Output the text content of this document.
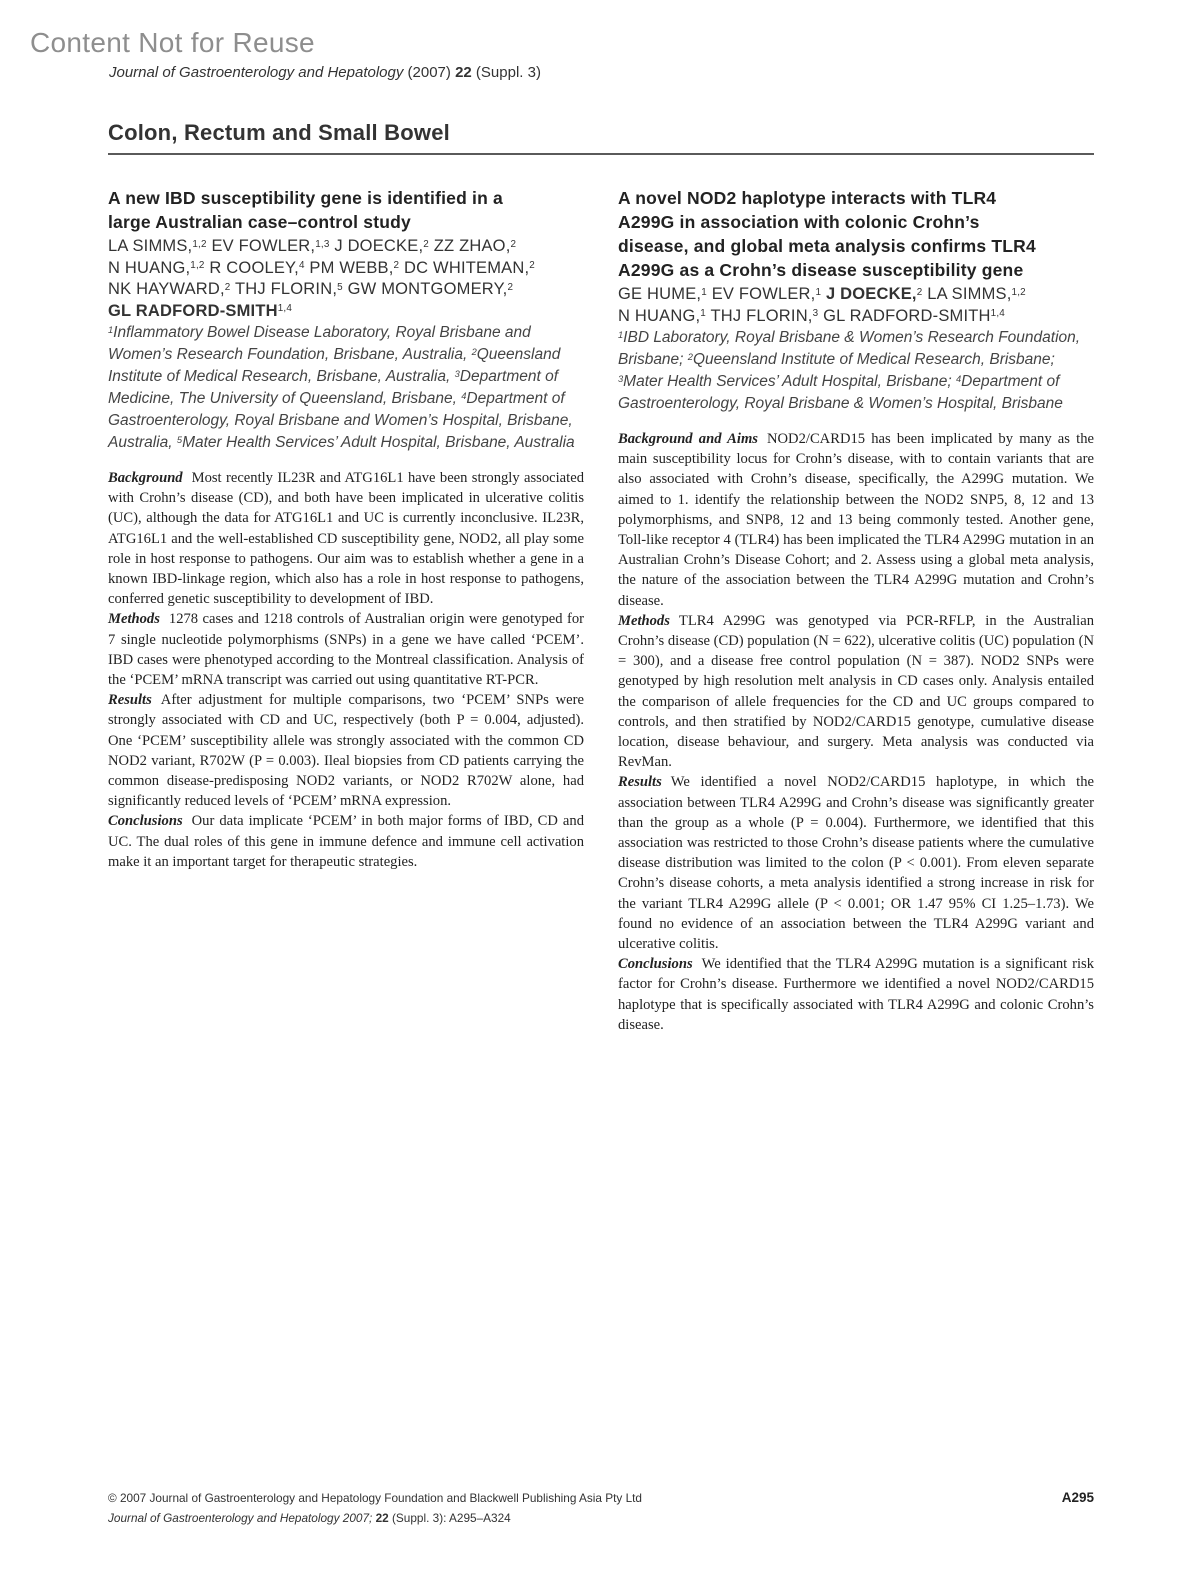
Content Not for Reuse
Journal of Gastroenterology and Hepatology (2007) 22 (Suppl. 3)
Colon, Rectum and Small Bowel
A new IBD susceptibility gene is identified in a
large Australian case–control study
LA SIMMS,$^{1,2}$ EV FOWLER,$^{1,3}$ J DOECKE,$^2$ ZZ ZHAO,$^2$
N HUANG,$^{1,2}$ R COOLEY,$^4$ PM WEBB,$^2$ DC WHITEMAN,$^2$
NK HAYWARD,$^2$ THJ FLORIN,$^5$ GW MONTGOMERY,$^2$
GL RADFORD-SMITH$^{1,4}$
$^1$Inflammatory Bowel Disease Laboratory, Royal Brisbane and Women’s Research Foundation, Brisbane, Australia, $^2$Queensland Institute of Medical Research, Brisbane, Australia, $^3$Department of Medicine, The University of Queensland, Brisbane, $^4$Department of Gastroenterology, Royal Brisbane and Women’s Hospital, Brisbane, Australia, $^5$Mater Health Services’ Adult Hospital, Brisbane, Australia

Background Most recently IL23R and ATG16L1 have been strongly associated with Crohn’s disease (CD), and both have been implicated in ulcerative colitis (UC), although the data for ATG16L1 and UC is currently inconclusive. IL23R, ATG16L1 and the well-established CD susceptibility gene, NOD2, all play some role in host response to pathogens. Our aim was to establish whether a gene in a known IBD-linkage region, which also has a role in host response to pathogens, conferred genetic susceptibility to development of IBD.

Methods 1278 cases and 1218 controls of Australian origin were genotyped for 7 single nucleotide polymorphisms (SNPs) in a gene we have called ‘PCEM’. IBD cases were phenotyped according to the Montreal classification. Analysis of the ‘PCEM’ mRNA transcript was carried out using quantitative RT-PCR.

Results After adjustment for multiple comparisons, two ‘PCEM’ SNPs were strongly associated with CD and UC, respectively (both P = 0.004, adjusted). One ‘PCEM’ susceptibility allele was strongly associated with the common CD NOD2 variant, R702W (P = 0.003). Ileal biopsies from CD patients carrying the common disease-predisposing NOD2 variants, or NOD2 R702W alone, had significantly reduced levels of ‘PCEM’ mRNA expression.

Conclusions Our data implicate ‘PCEM’ in both major forms of IBD, CD and UC. The dual roles of this gene in immune defence and immune cell activation make it an important target for therapeutic strategies.

A novel NOD2 haplotype interacts with TLR4
A299G in association with colonic Crohn’s
disease, and global meta analysis confirms TLR4
A299G as a Crohn’s disease susceptibility gene
GE HUME,$^1$ EV FOWLER,$^1$ J DOECKE,$^2$ LA SIMMS,$^{1,2}$
N HUANG,$^1$ THJ FLORIN,$^3$ GL RADFORD-SMITH$^{1,4}$
$^1$IBD Laboratory, Royal Brisbane & Women’s Research Foundation, Brisbane; $^2$Queensland Institute of Medical Research, Brisbane; $^3$Mater Health Services’ Adult Hospital, Brisbane; $^4$Department of Gastroenterology, Royal Brisbane & Women’s Hospital, Brisbane

Background and Aims NOD2/CARD15 has been implicated by many as the main susceptibility locus for Crohn’s disease, with to contain variants that are also associated with Crohn’s disease, specifically, the A299G mutation. We aimed to 1. identify the relationship between the NOD2 SNP5, 8, 12 and 13 polymorphisms, and SNP8, 12 and 13 being commonly tested. Another gene, Toll-like receptor 4 (TLR4) has been implicated the TLR4 A299G mutation in an Australian Crohn’s Disease Cohort; and 2. Assess using a global meta analysis, the nature of the association between the TLR4 A299G mutation and Crohn’s disease.

Methods TLR4 A299G was genotyped via PCR-RFLP, in the Australian Crohn’s disease (CD) population (N = 622), ulcerative colitis (UC) population (N = 300), and a disease free control population (N = 387). NOD2 SNPs were genotyped by high resolution melt analysis in CD cases only. Analysis entailed the comparison of allele frequencies for the CD and UC groups compared to controls, and then stratified by NOD2/CARD15 genotype, cumulative disease location, disease behaviour, and surgery. Meta analysis was conducted via RevMan.

Results We identified a novel NOD2/CARD15 haplotype, in which the association between TLR4 A299G and Crohn’s disease was significantly greater than the group as a whole (P = 0.004). Furthermore, we identified that this association was restricted to those Crohn’s disease patients where the cumulative disease distribution was limited to the colon (P < 0.001). From eleven separate Crohn’s disease cohorts, a meta analysis identified a strong increase in risk for the variant TLR4 A299G allele (P < 0.001; OR 1.47 95% CI 1.25–1.73). We found no evidence of an association between the TLR4 A299G variant and ulcerative colitis.

Conclusions We identified that the TLR4 A299G mutation is a significant risk factor for Crohn’s disease. Furthermore we identified a novel NOD2/CARD15 haplotype that is specifically associated with TLR4 A299G and colonic Crohn’s disease.

© 2007 Journal of Gastroenterology and Hepatology Foundation and Blackwell Publishing Asia Pty Ltd	A295
Journal of Gastroenterology and Hepatology 2007; 22 (Suppl. 3): A295–A324
